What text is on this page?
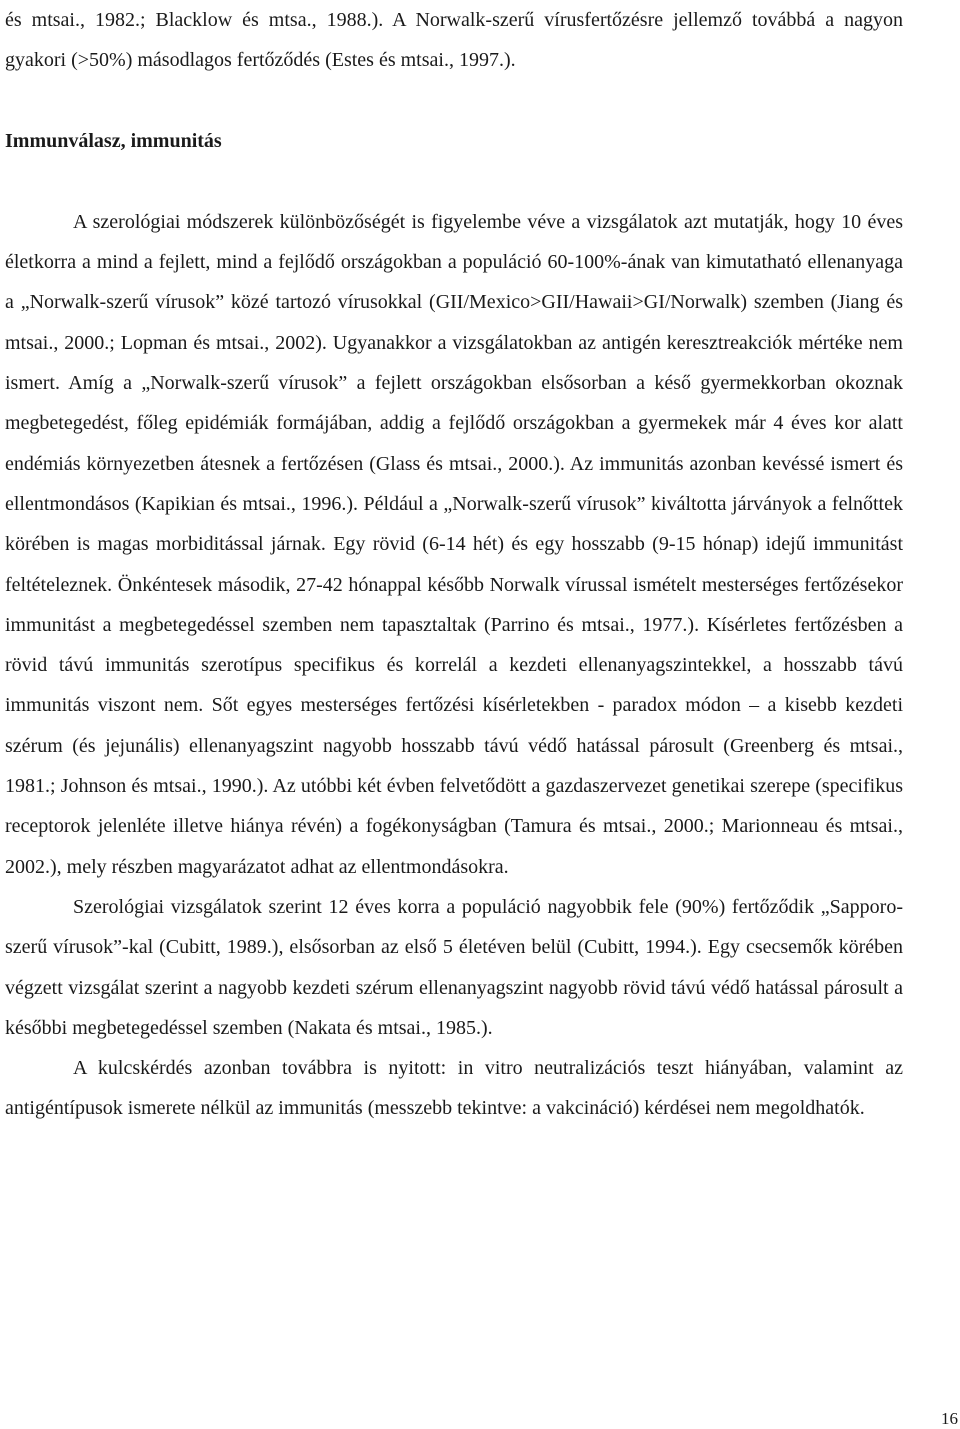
és mtsai., 1982.; Blacklow és mtsa., 1988.). A Norwalk-szerű vírusfertőzésre jellemző továbbá a nagyon gyakori (>50%) másodlagos fertőződés (Estes és mtsai., 1997.).

Immunválasz, immunitás

A szerológiai módszerek különbözőségét is figyelembe véve a vizsgálatok azt mutatják, hogy 10 éves életkorra a mind a fejlett, mind a fejlődő országokban a populáció 60-100%-ának van kimutatható ellenanyaga a „Norwalk-szerű vírusok” közé tartozó vírusokkal (GII/Mexico>GII/Hawaii>GI/Norwalk) szemben (Jiang és mtsai., 2000.; Lopman és mtsai., 2002). Ugyanakkor a vizsgálatokban az antigén keresztreakciók mértéke nem ismert. Amíg a „Norwalk-szerű vírusok” a fejlett országokban elsősorban a késő gyermekkorban okoznak megbetegedést, főleg epidémiák formájában, addig a fejlődő országokban a gyermekek már 4 éves kor alatt endémiás környezetben átesnek a fertőzésen (Glass és mtsai., 2000.). Az immunitás azonban kevéssé ismert és ellentmondásos (Kapikian és mtsai., 1996.). Például a „Norwalk-szerű vírusok” kiváltotta járványok a felnőttek körében is magas morbiditással járnak. Egy rövid (6-14 hét) és egy hosszabb (9-15 hónap) idejű immunitást feltételeznek. Önkéntesek második, 27-42 hónappal később Norwalk vírussal ismételt mesterséges fertőzésekor immunitást a megbetegedéssel szemben nem tapasztaltak (Parrino és mtsai., 1977.). Kísérletes fertőzésben a rövid távú immunitás szerotípus specifikus és korrelál a kezdeti ellenanyagszintekkel, a hosszabb távú immunitás viszont nem. Sőt egyes mesterséges fertőzési kísérletekben - paradox módon – a kisebb kezdeti szérum (és jejunális) ellenanyagszint nagyobb hosszabb távú védő hatással párosult (Greenberg és mtsai., 1981.; Johnson és mtsai., 1990.). Az utóbbi két évben felvetődött a gazdaszervezet genetikai szerepe (specifikus receptorok jelenléte illetve hiánya révén) a fogékonyságban (Tamura és mtsai., 2000.; Marionneau és mtsai., 2002.), mely részben magyarázatot adhat az ellentmondásokra.

Szerológiai vizsgálatok szerint 12 éves korra a populáció nagyobbik fele (90%) fertőződik „Sapporo-szerű vírusok”-kal (Cubitt, 1989.), elsősorban az első 5 életéven belül (Cubitt, 1994.). Egy csecsemők körében végzett vizsgálat szerint a nagyobb kezdeti szérum ellenanyagszint nagyobb rövid távú védő hatással párosult a későbbi megbetegedéssel szemben (Nakata és mtsai., 1985.).

A kulcskérdés azonban továbbra is nyitott: in vitro neutralizációs teszt hiányában, valamint az antigéntípusok ismerete nélkül az immunitás (messzebb tekintve: a vakcináció) kérdései nem megoldhatók.

16
